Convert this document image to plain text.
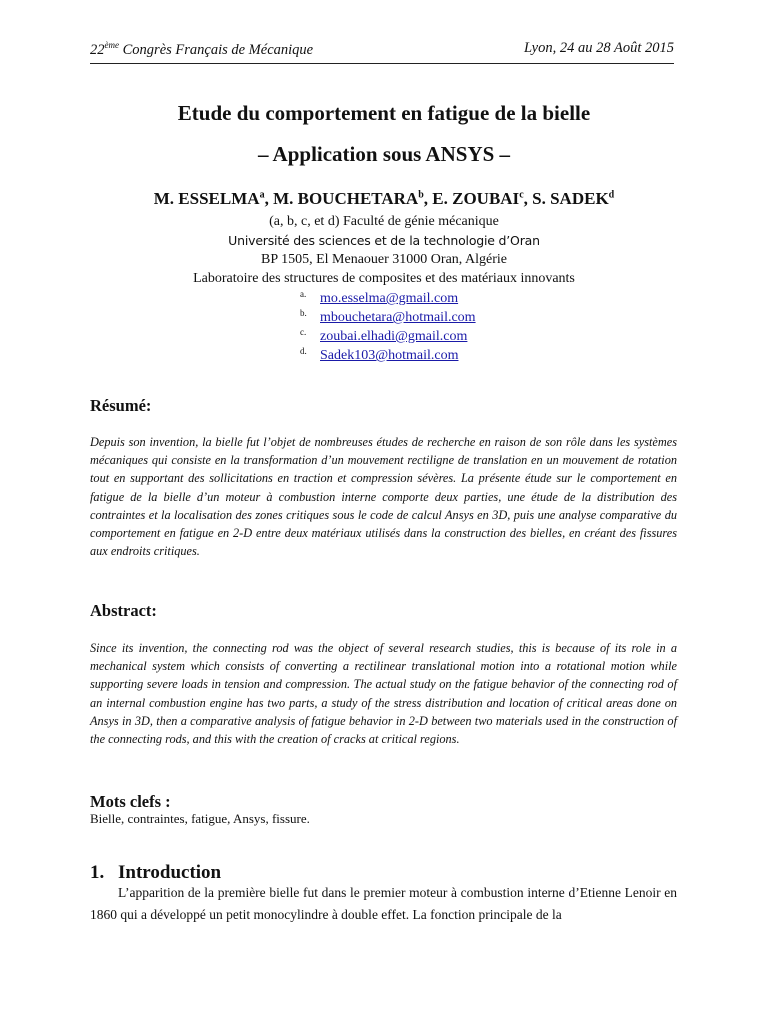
22ème Congrès Français de Mécanique	Lyon, 24 au 28 Août 2015
Etude du comportement en fatigue de la bielle
– Application sous ANSYS –
M. ESSELMA$^a$, M. BOUCHETARA$^b$, E. ZOUBAI$^c$, S. SADEK$^d$
(a, b, c, et d) Faculté de génie mécanique
Université des sciences et de la technologie d’Oran
BP 1505, El Menaouer 31000 Oran, Algérie
Laboratoire des structures de composites et des matériaux innovants
a. mo.esselma@gmail.com
b. mbouchetara@hotmail.com
c. zoubai.elhadi@gmail.com
d. Sadek103@hotmail.com
Résumé:
Depuis son invention, la bielle fut l’objet de nombreuses études de recherche en raison de son rôle dans les systèmes mécaniques qui consiste en la transformation d’un mouvement rectiligne de translation en un mouvement de rotation tout en supportant des sollicitations en traction et compression sévères. La présente étude sur le comportement en fatigue de la bielle d’un moteur à combustion interne comporte deux parties, une étude de la distribution des contraintes et la localisation des zones critiques sous le code de calcul Ansys en 3D, puis une analyse comparative du comportement en fatigue en 2-D entre deux matériaux utilisés dans la construction des bielles, en créant des fissures aux endroits critiques.
Abstract:
Since its invention, the connecting rod was the object of several research studies, this is because of its role in a mechanical system which consists of converting a rectilinear translational motion into a rotational motion while supporting severe loads in tension and compression. The actual study on the fatigue behavior of the connecting rod of an internal combustion engine has two parts, a study of the stress distribution and location of critical areas done on Ansys in 3D, then a comparative analysis of fatigue behavior in 2-D between two materials used in the construction of the connecting rods, and this with the creation of cracks at critical regions.
Mots clefs :
Bielle, contraintes, fatigue, Ansys, fissure.
1. Introduction
L’apparition de la première bielle fut dans le premier moteur à combustion interne d’Etienne Lenoir en 1860 qui a développé un petit monocylindre à double effet. La fonction principale de la
